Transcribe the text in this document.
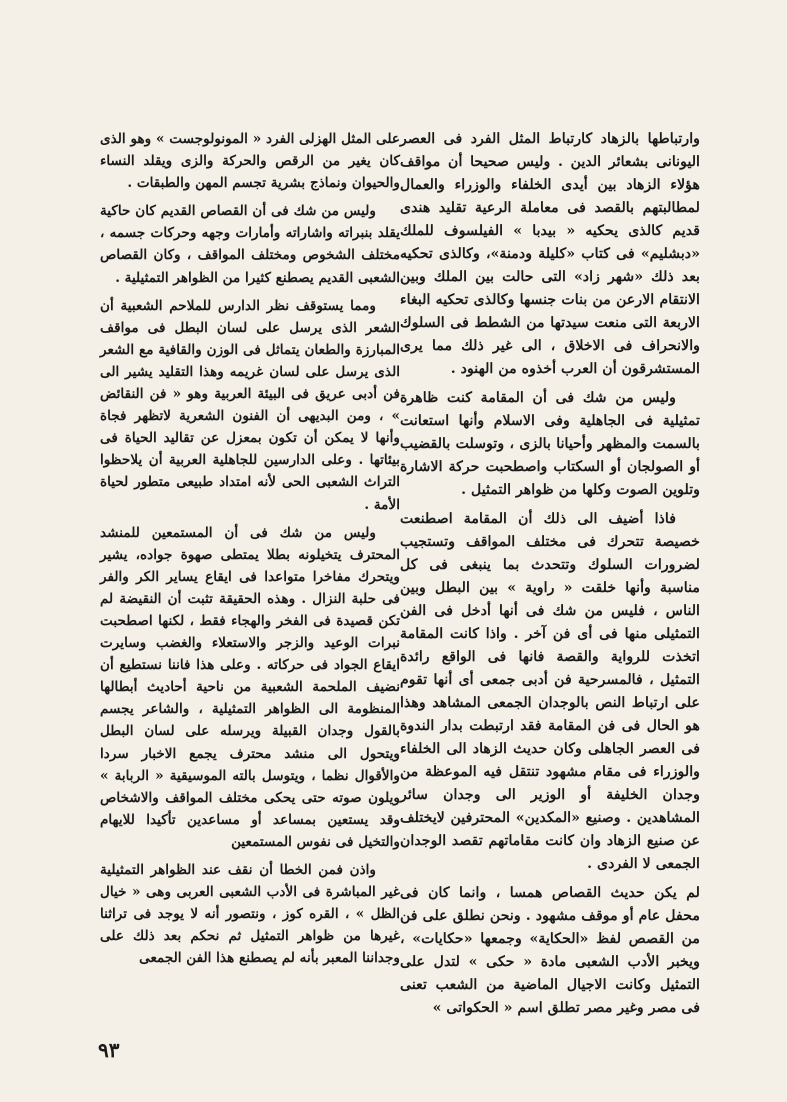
وارتباطها بالزهاد كارتباط المثل الفرد فى العصر اليونانى بشعائر الدين . وليس صحيحا أن مواقف هؤلاء الزهاد بين أيدى الخلفاء والوزراء والعمال لمطالبتهم بالقصد فى معاملة الرعية تقليد هندى قديم كالذى يحكيه « بيدبا » الفيلسوف للملك «دبشليم» فى كتاب «كليلة ودمنة»، وكالذى تحكيه بعد ذلك «شهر زاد» التى حالت بين الملك وبين الانتقام الارعن من بنات جنسها وكالذى تحكيه البغاء الاربعة التى منعت سيدتها من الشطط فى السلوك والانحراف فى الاخلاق ، الى غير ذلك مما يرى المستشرقون أن العرب أخذوه من الهنود .

وليس من شك فى أن المقامة كنت ظاهرة تمثيلية فى الجاهلية وفى الاسلام وأنها استعانت بالسمت والمظهر وأحيانا بالزى ، وتوسلت بالقضيب أو الصولجان أو السكتاب واصطحبت حركة الاشارة وتلوين الصوت وكلها من ظواهر التمثيل .

فاذا أضيف الى ذلك أن المقامة اصطنعت خصيصة تتحرك فى مختلف المواقف وتستجيب لضرورات السلوك وتتحدث بما ينبغى فى كل مناسبة وأنها خلقت « راوية » بين البطل وبين الناس ، فليس من شك فى أنها أدخل فى الفن التمثيلى منها فى أى فن آخر . واذا كانت المقامة اتخذت للرواية والقصة فانها فى الواقع رائدة التمثيل ، فالمسرحية فن أدبى جمعى أى أنها تقوم على ارتباط النص بالوجدان الجمعى المشاهد وهذا هو الحال فى فن المقامة فقد ارتبطت بدار الندوة فى العصر الجاهلى وكان حديث الزهاد الى الخلفاء والوزراء فى مقام مشهود تنتقل فيه الموعظة من وجدان الخليفة أو الوزير الى وجدان سائر المشاهدين . وصنيع «المكدين» المحترفين لايختلف عن صنيع الزهاد وان كانت مقاماتهم تقصد الوجدان الجمعى لا الفردى .

لم يكن حديث القصاص همسا ، وانما كان فى محفل عام أو موقف مشهود . ونحن نطلق على فن من القصص لفظ «الحكاية» وجمعها «حكايات» ، ويخبر الأدب الشعبى مادة « حكى » لتدل على التمثيل وكانت الاجيال الماضية من الشعب تعنى فى مصر وغير مصر تطلق اسم « الحكواتى »

على المثل الهزلى الفرد « المونولوجست » وهو الذى كان يغير من الرقص والحركة والزى ويقلد النساء والحيوان ونماذج بشرية تجسم المهن والطبقات .

وليس من شك فى أن القصاص القديم كان حاكية يقلد بنبراته واشاراته وأمارات وجهه وحركات جسمه ، مختلف الشخوص ومختلف المواقف ، وكان القصاص الشعبى القديم يصطنع كثيرا من الظواهر التمثيلية .

ومما يستوقف نظر الدارس للملاحم الشعبية أن الشعر الذى يرسل على لسان البطل فى مواقف المبارزة والطعان يتماثل فى الوزن والقافية مع الشعر الذى يرسل على لسان غريمه وهذا التقليد يشير الى فن أدبى عريق فى البيئة العربية وهو « فن النقائض » ، ومن البديهى أن الفنون الشعرية لاتظهر فجاة وأنها لا يمكن أن تكون بمعزل عن تقاليد الحياة فى بيئاتها . وعلى الدارسين للجاهلية العربية أن يلاحظوا التراث الشعبى الحى لأنه امتداد طبيعى متطور لحياة الأمة .

وليس من شك فى أن المستمعين للمنشد المحترف يتخيلونه بطلا يمتطى صهوة جواده، يشير ويتحرك مفاخرا متواعدا فى ايقاع يساير الكر والفر فى حلبة النزال . وهذه الحقيقة تثبت أن النقيضة لم تكن قصيدة فى الفخر والهجاء فقط ، لكنها اصطحبت نبرات الوعيد والزجر والاستعلاء والغضب وسايرت ايقاع الجواد فى حركاته . وعلى هذا فاننا نستطيع أن نضيف الملحمة الشعبية من ناحية أحاديث أبطالها المنظومة الى الظواهر التمثيلية ، والشاعر يجسم بالقول وجدان القبيلة ويرسله على لسان البطل ويتحول الى منشد محترف يجمع الاخبار سردا والأقوال نظما ، ويتوسل بالته الموسيقية « الربابة » ويلون صوته حتى يحكى مختلف المواقف والاشخاص وقد يستعين بمساعد أو مساعدين تأكيدا للايهام والتخيل فى نفوس المستمعين

واذن فمن الخطا أن نقف عند الظواهر التمثيلية غير المباشرة فى الأدب الشعبى العربى وهى « خيال الظل » ، القره كوز ، ونتصور أنه لا يوجد فى تراثنا غيرها من ظواهر التمثيل ثم نحكم بعد ذلك على وجداننا المعبر بأنه لم يصطنع هذا الفن الجمعى

٩٣
